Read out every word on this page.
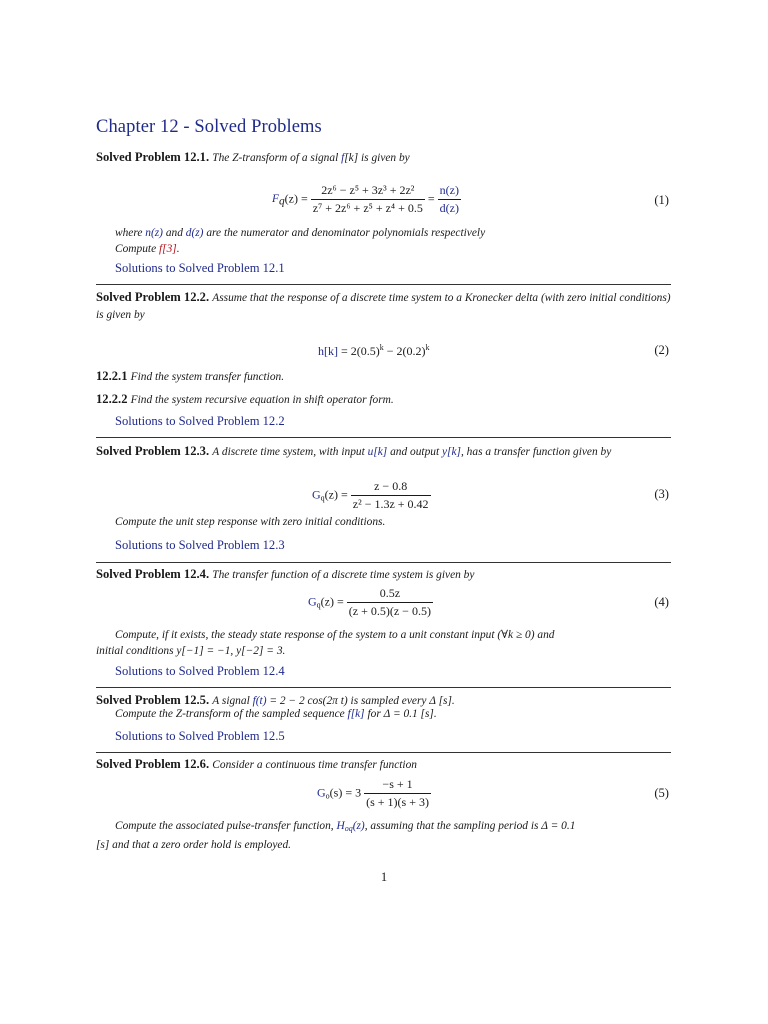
Chapter 12 - Solved Problems
Solved Problem 12.1. The Z-transform of a signal f[k] is given by
$F_q(z) = \frac{\text{2z⁶ − z⁵ + 3z³ + 2z²}}{\text{z⁷ + 2z⁶ + z⁵ + z⁴ + 0.5}} = \frac{n(z)}{d(z)}$	(1)
where n(z) and d(z) are the numerator and denominator polynomials respectively
Compute f[3].
Solutions to Solved Problem 12.1
Solved Problem 12.2. Assume that the response of a discrete time system to a Kronecker delta (with zero initial conditions) is given by
$h[k] = 2(0.5)^k - 2(0.2)^k$	(2)
12.2.1 Find the system transfer function.
12.2.2 Find the system recursive equation in shift operator form.
Solutions to Solved Problem 12.2
Solved Problem 12.3. A discrete time system, with input u[k] and output y[k], has a transfer function given by
$G_q(z) = \frac{z - 0.8}{\text{z² − 1.3z + 0.42}}$	(3)
Compute the unit step response with zero initial conditions.
Solutions to Solved Problem 12.3
Solved Problem 12.4. The transfer function of a discrete time system is given by
$G_q(z) = \frac{0.5z}{(z + 0.5)(z - 0.5)}$	(4)
Compute, if it exists, the steady state response of the system to a unit constant input (∀k ≥ 0) and
initial conditions y[−1] = −1, y[−2] = 3.
Solutions to Solved Problem 12.4
Solved Problem 12.5. A signal f(t) = 2 − 2 cos(2π t) is sampled every Δ [s].
Compute the Z-transform of the sampled sequence f[k] for Δ = 0.1 [s].
Solutions to Solved Problem 12.5
Solved Problem 12.6. Consider a continuous time transfer function
$G_o(s) = 3 \frac{-s + 1}{(s + 1)(s + 3)}$	(5)
Compute the associated pulse-transfer function, $H_{oq}(z)$, assuming that the sampling period is Δ = 0.1
[s] and that a zero order hold is employed.
1
